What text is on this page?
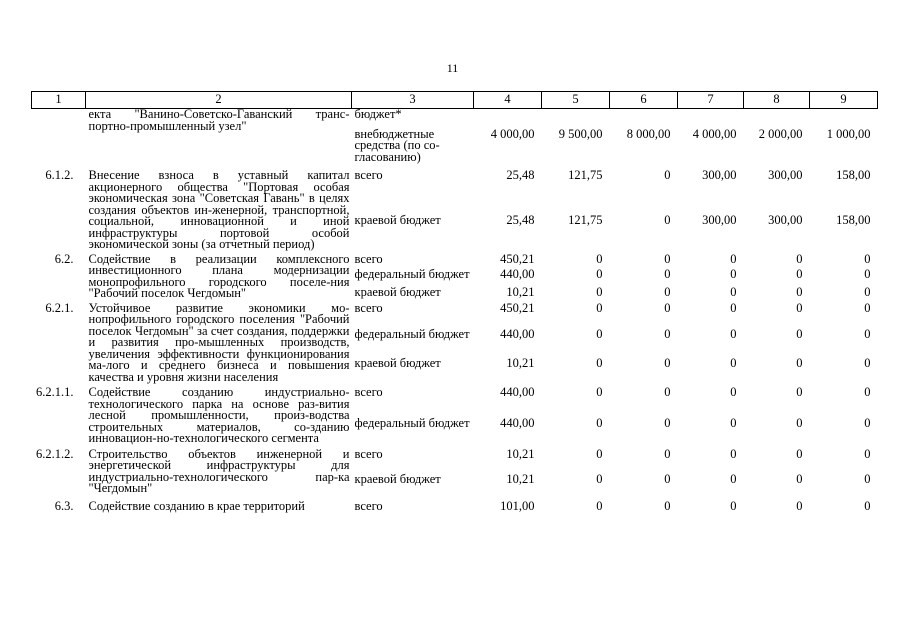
11
1	2	3	4	5	6	7	8	9
	екта "Ванино-Советско-Гаванский транс-портно-промышленный узел"	бюджет*						
		внебюджетные средства (по со-гласованию)	4 000,00	9 500,00	8 000,00	4 000,00	2 000,00	1 000,00
6.1.2.	Внесение взноса в уставный капитал акционерного общества "Портовая особая экономическая зона "Советская Гавань" в целях создания объектов ин-женерной, транспортной, социальной, инновационной и иной инфраструктуры портовой особой экономической зоны (за отчетный период)	всего	25,48	121,75	0	300,00	300,00	158,00
		краевой бюджет	25,48	121,75	0	300,00	300,00	158,00
6.2.	Содействие в реализации комплексного инвестиционного плана модернизации монопрофильного городского поселе-ния "Рабочий поселок Чегдомын"	всего	450,21	0	0	0	0	0
		федеральный бюджет	440,00	0	0	0	0	0
		краевой бюджет	10,21	0	0	0	0	0
6.2.1.	Устойчивое развитие экономики мо-нопрофильного городского поселения "Рабочий поселок Чегдомын" за счет создания, поддержки и развития про-мышленных производств, увеличения эффективности функционирования ма-лого и среднего бизнеса и повышения качества и уровня жизни населения	всего	450,21	0	0	0	0	0
		федеральный бюджет	440,00	0	0	0	0	0
		краевой бюджет	10,21	0	0	0	0	0
6.2.1.1.	Содействие созданию индустриально-технологического парка на основе раз-вития лесной промышленности, произ-водства строительных материалов, со-зданию инновацион-но-технологического сегмента	всего	440,00	0	0	0	0	0
		федеральный бюджет	440,00	0	0	0	0	0
6.2.1.2.	Строительство объектов инженерной и энергетической инфраструктуры для индустриально-технологического пар-ка "Чегдомын"	всего	10,21	0	0	0	0	0
		краевой бюджет	10,21	0	0	0	0	0
6.3.	Содействие созданию в крае территорий	всего	101,00	0	0	0	0	0
